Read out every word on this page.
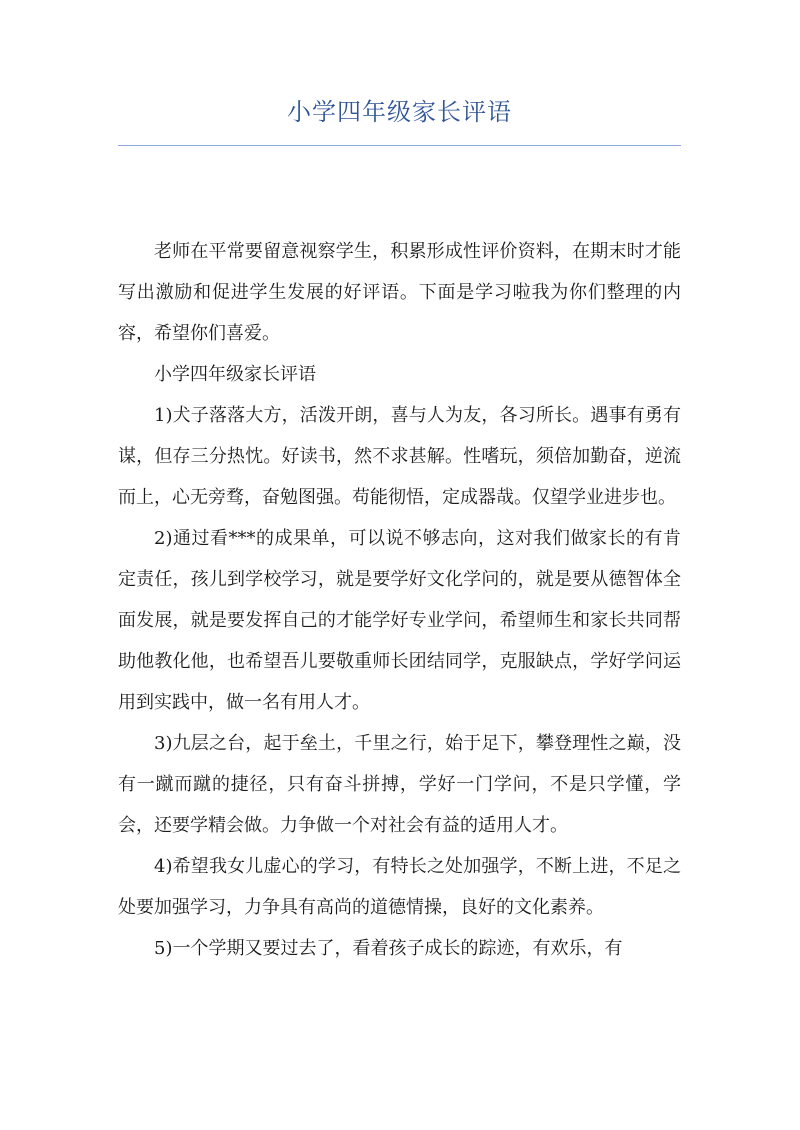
小学四年级家长评语

老师在平常要留意视察学生，积累形成性评价资料，在期末时才能写出激励和促进学生发展的好评语。下面是学习啦我为你们整理的内容，希望你们喜爱。

小学四年级家长评语

1)犬子落落大方，活泼开朗，喜与人为友，各习所长。遇事有勇有谋，但存三分热忱。好读书，然不求甚解。性嗜玩，须倍加勤奋，逆流而上，心无旁骛，奋勉图强。苟能彻悟，定成器哉。仅望学业进步也。

2)通过看***的成果单，可以说不够志向，这对我们做家长的有肯定责任，孩儿到学校学习，就是要学好文化学问的，就是要从德智体全面发展，就是要发挥自己的才能学好专业学问，希望师生和家长共同帮助他教化他，也希望吾儿要敬重师长团结同学，克服缺点，学好学问运用到实践中，做一名有用人才。

3)九层之台，起于垒土，千里之行，始于足下，攀登理性之巅，没有一蹴而蹴的捷径，只有奋斗拼搏，学好一门学问，不是只学懂，学会，还要学精会做。力争做一个对社会有益的适用人才。

4)希望我女儿虚心的学习，有特长之处加强学，不断上进，不足之处要加强学习，力争具有高尚的道德情操，良好的文化素养。

5)一个学期又要过去了，看着孩子成长的踪迹，有欢乐，有
